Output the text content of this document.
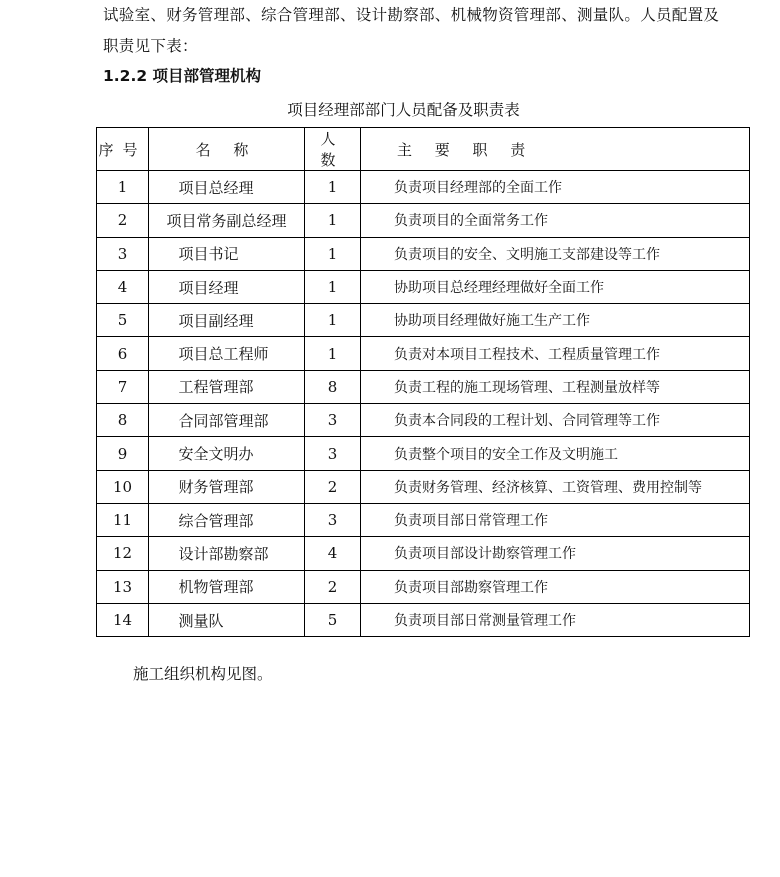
试验室、财务管理部、综合管理部、设计勘察部、机械物资管理部、测量队。人员配置及职责见下表：
1.2.2 项目部管理机构
项目经理部部门人员配备及职责表
序号	名 称	人 数	主 要 职 责
1	项目总经理	1	负责项目经理部的全面工作
2	项目常务副总经理	1	负责项目的全面常务工作
3	项目书记	1	负责项目的安全、文明施工支部建设等工作
4	项目经理	1	协助项目总经理经理做好全面工作
5	项目副经理	1	协助项目经理做好施工生产工作
6	项目总工程师	1	负责对本项目工程技术、工程质量管理工作
7	工程管理部	8	负责工程的施工现场管理、工程测量放样等
8	合同部管理部	3	负责本合同段的工程计划、合同管理等工作
9	安全文明办	3	负责整个项目的安全工作及文明施工
10	财务管理部	2	负责财务管理、经济核算、工资管理、费用控制等
11	综合管理部	3	负责项目部日常管理工作
12	设计部勘察部	4	负责项目部设计勘察管理工作
13	机物管理部	2	负责项目部勘察管理工作
14	测量队	5	负责项目部日常测量管理工作
施工组织机构见图。
